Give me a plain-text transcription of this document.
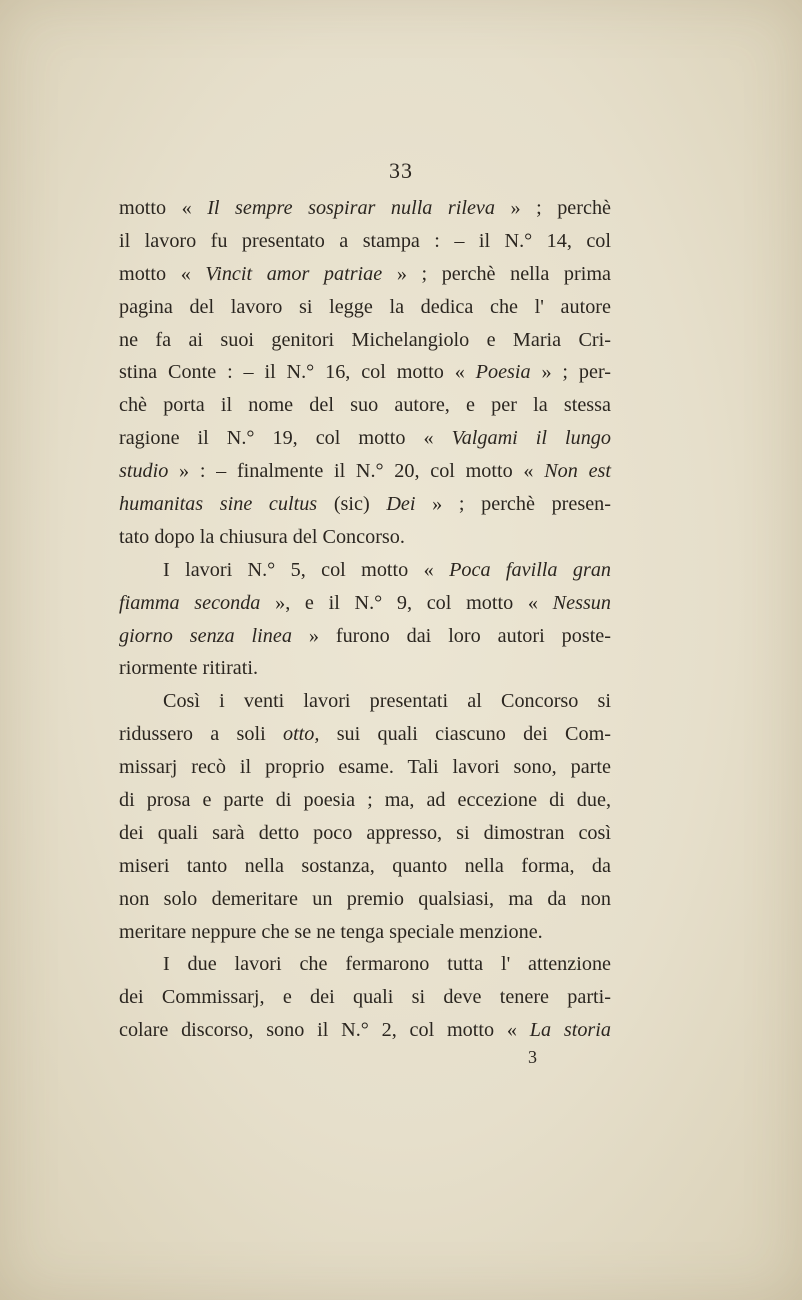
33
motto « Il sempre sospirar nulla rileva » ; perchè
il lavoro fu presentato a stampa : – il N.° 14, col
motto « Vincit amor patriae » ; perchè nella prima
pagina del lavoro si legge la dedica che l' autore
ne fa ai suoi genitori Michelangiolo e Maria Cri-
stina Conte : – il N.° 16, col motto « Poesia » ; per-
chè porta il nome del suo autore, e per la stessa
ragione il N.° 19, col motto « Valgami il lungo
studio » : – finalmente il N.° 20, col motto « Non est
humanitas sine cultus (sic) Dei » ; perchè presen-
tato dopo la chiusura del Concorso.
I lavori N.° 5, col motto « Poca favilla gran
fiamma seconda », e il N.° 9, col motto « Nessun
giorno senza linea » furono dai loro autori poste-
riormente ritirati.
Così i venti lavori presentati al Concorso si
ridussero a soli otto, sui quali ciascuno dei Com-
missarj recò il proprio esame. Tali lavori sono, parte
di prosa e parte di poesia ; ma, ad eccezione di due,
dei quali sarà detto poco appresso, si dimostran così
miseri tanto nella sostanza, quanto nella forma, da
non solo demeritare un premio qualsiasi, ma da non
meritare neppure che se ne tenga speciale menzione.
I due lavori che fermarono tutta l' attenzione
dei Commissarj, e dei quali si deve tenere parti-
colare discorso, sono il N.° 2, col motto « La storia
3
